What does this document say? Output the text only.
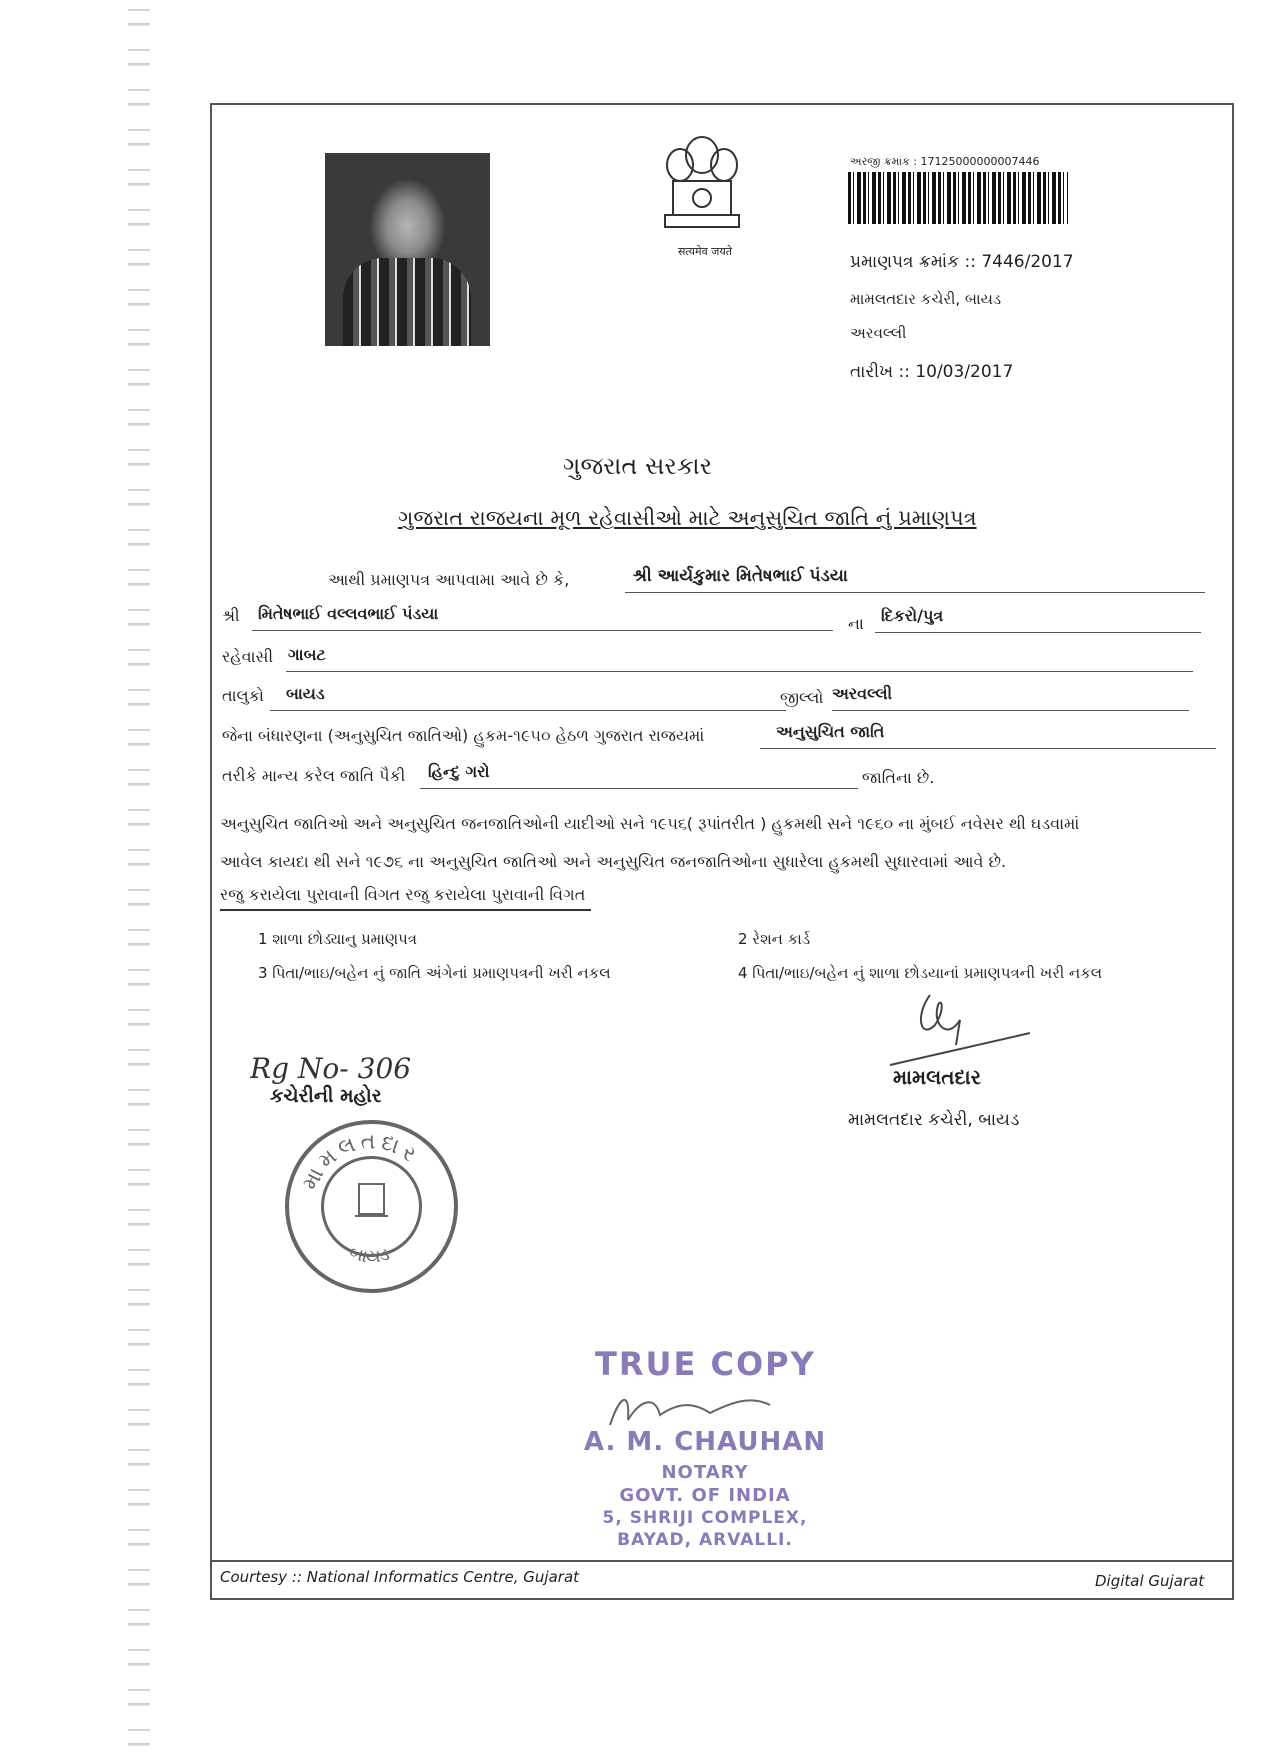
सत्यमेव जयते
અરજી ક્રમાંક : 17125000000007446
પ્રમાણપત્ર ક્રમાંક :: 7446/2017
મામલતદાર કચેરી, બાયડ
અરવલ્લી
તારીખ :: 10/03/2017
ગુજરાત સરકાર
ગુજરાત રાજયના મૂળ રહેવાસીઓ માટે અનુસુચિત જાતિ નું પ્રમાણપત્ર
આથી પ્રમાણપત્ર આપવામા આવે છે કે,	શ્રી આર્યકુમાર મિતેષભાઈ પંડયા
શ્રી	મિતેષભાઈ વલ્લવભાઈ પંડયા
ના	દિકરો/પુત્ર
રહેવાસી ગાબટ
તાલુકો	બાયડ	જીલ્લો અરવલ્લી
જેના બંધારણના (અનુસુચિત જાતિઓ) હુકમ-૧૯૫૦ હેઠળ ગુજરાત રાજયમાં	અનુસુચિત જાતિ
તરીકે માન્ય કરેલ જાતિ પૈકી	હિન્દુ ગરો	જાતિના છે.
અનુસુચિત જાતિઓ અને અનુસુચિત જનજાતિઓની યાદીઓ સને ૧૯૫૬( રૂપાંતરીત ) હુકમથી સને ૧૯૬૦ ના મુંબઈ નવેસર થી ઘડવામાં
આવેલ કાયદા થી સને ૧૯૭૬ ના અનુસુચિત જાતિઓ અને અનુસુચિત જનજાતિઓના સુધારેલા હુકમથી સુધારવામાં આવે છે.
રજુ કરાયેલા પુરાવાની વિગત રજુ કરાયેલા પુરાવાની વિગત
1 શાળા છોડ્યાનુ પ્રમાણપત્ર	2 રેશન કાર્ડ
3 પિતા/ભાઇ/બહેન નું જાતિ અંગેનાં પ્રમાણપત્રની ખરી નકલ	4 પિતા/ભાઇ/બહેન નું શાળા છોડયાનાં પ્રમાણપત્રની ખરી નકલ
મામલતદાર
મામલતદાર કચેરી, બાયડ
Rg No- 306
કચેરીની મહોર
મામલતદાર
બાયડ
TRUE COPY
A. M. CHAUHAN
NOTARY
GOVT. OF INDIA
5, SHRIJI COMPLEX,
BAYAD, ARVALLI.
Courtesy :: National Informatics Centre, Gujarat	Digital Gujarat
